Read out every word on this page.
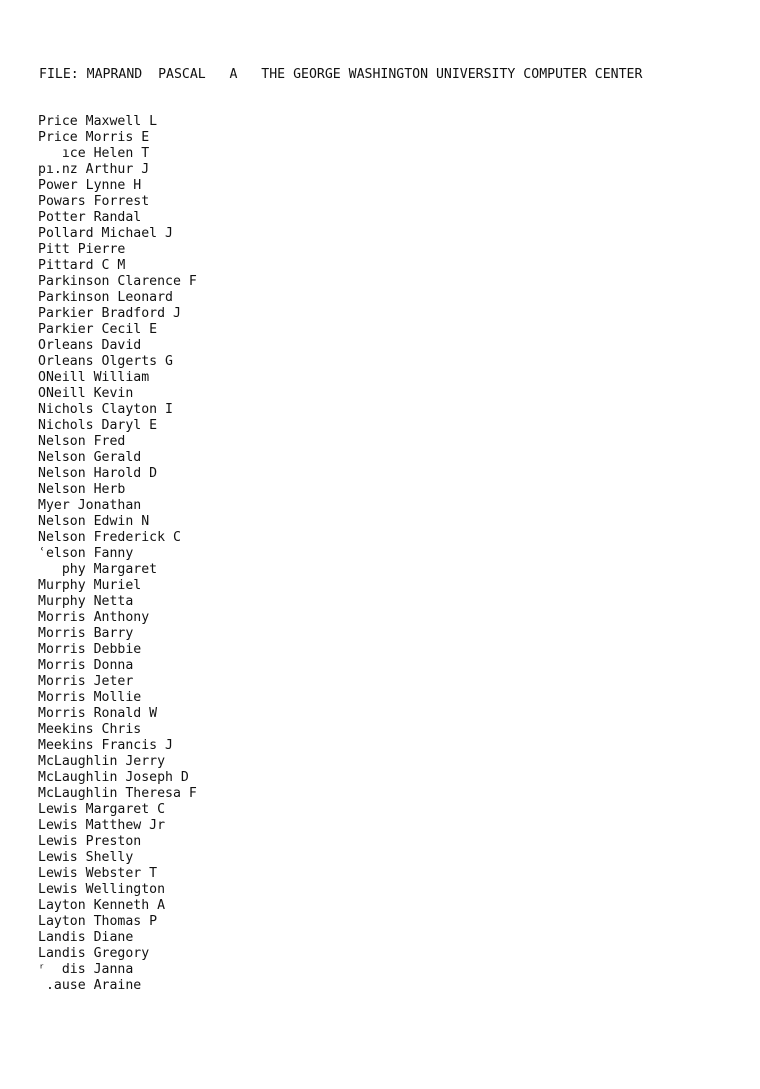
FILE: MAPRAND  PASCAL   A   THE GEORGE WASHINGTON UNIVERSITY COMPUTER CENTER
Price Maxwell L
Price Morris E
ıce Helen T
pı.nz Arthur J
Power Lynne H
Powars Forrest
Potter Randal
Pollard Michael J
Pitt Pierre
Pittard C M
Parkinson Clarence F
Parkinson Leonard
Parkier Bradford J
Parkier Cecil E
Orleans David
Orleans Olgerts G
ONeill William
ONeill Kevin
Nichols Clayton I
Nichols Daryl E
Nelson Fred
Nelson Gerald
Nelson Harold D
Nelson Herb
Myer Jonathan
Nelson Edwin N
Nelson Frederick C
ʿelson Fanny
phy Margaret
Murphy Muriel
Murphy Netta
Morris Anthony
Morris Barry
Morris Debbie
Morris Donna
Morris Jeter
Morris Mollie
Morris Ronald W
Meekins Chris
Meekins Francis J
McLaughlin Jerry
McLaughlin Joseph D
McLaughlin Theresa F
Lewis Margaret C
Lewis Matthew Jr
Lewis Preston
Lewis Shelly
Lewis Webster T
Lewis Wellington
Layton Kenneth A
Layton Thomas P
Landis Diane
Landis Gregory
ʳ  dis Janna
.ause Araine
